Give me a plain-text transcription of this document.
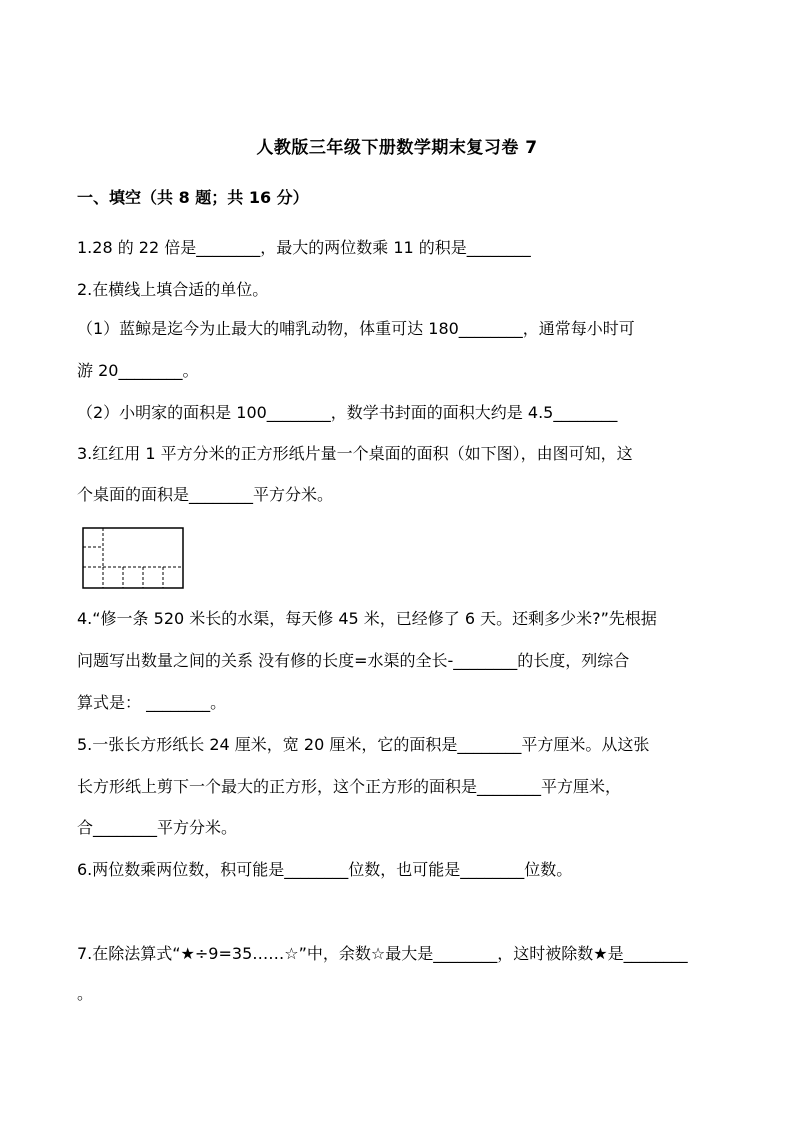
人教版三年级下册数学期末复习卷 7
一、填空（共 8 题；共 16 分）
1.28 的 22 倍是________，最大的两位数乘 11 的积是________
2.在横线上填合适的单位。
（1）蓝鲸是迄今为止最大的哺乳动物，体重可达 180________，通常每小时可
游 20________。
（2）小明家的面积是 100________，数学书封面的面积大约是 4.5________
3.红红用 1 平方分米的正方形纸片量一个桌面的面积（如下图），由图可知，这
个桌面的面积是________平方分米。
4.“修一条 520 米长的水渠，每天修 45 米，已经修了 6 天。还剩多少米?”先根据
问题写出数量之间的关系 没有修的长度=水渠的全长-________的长度，列综合
算式是： ________。
5.一张长方形纸长 24 厘米，宽 20 厘米，它的面积是________平方厘米。从这张
长方形纸上剪下一个最大的正方形，这个正方形的面积是________平方厘米，
合________平方分米。
6.两位数乘两位数，积可能是________位数，也可能是________位数。
7.在除法算式“★÷9=35……☆”中，余数☆最大是________，这时被除数★是________
。
